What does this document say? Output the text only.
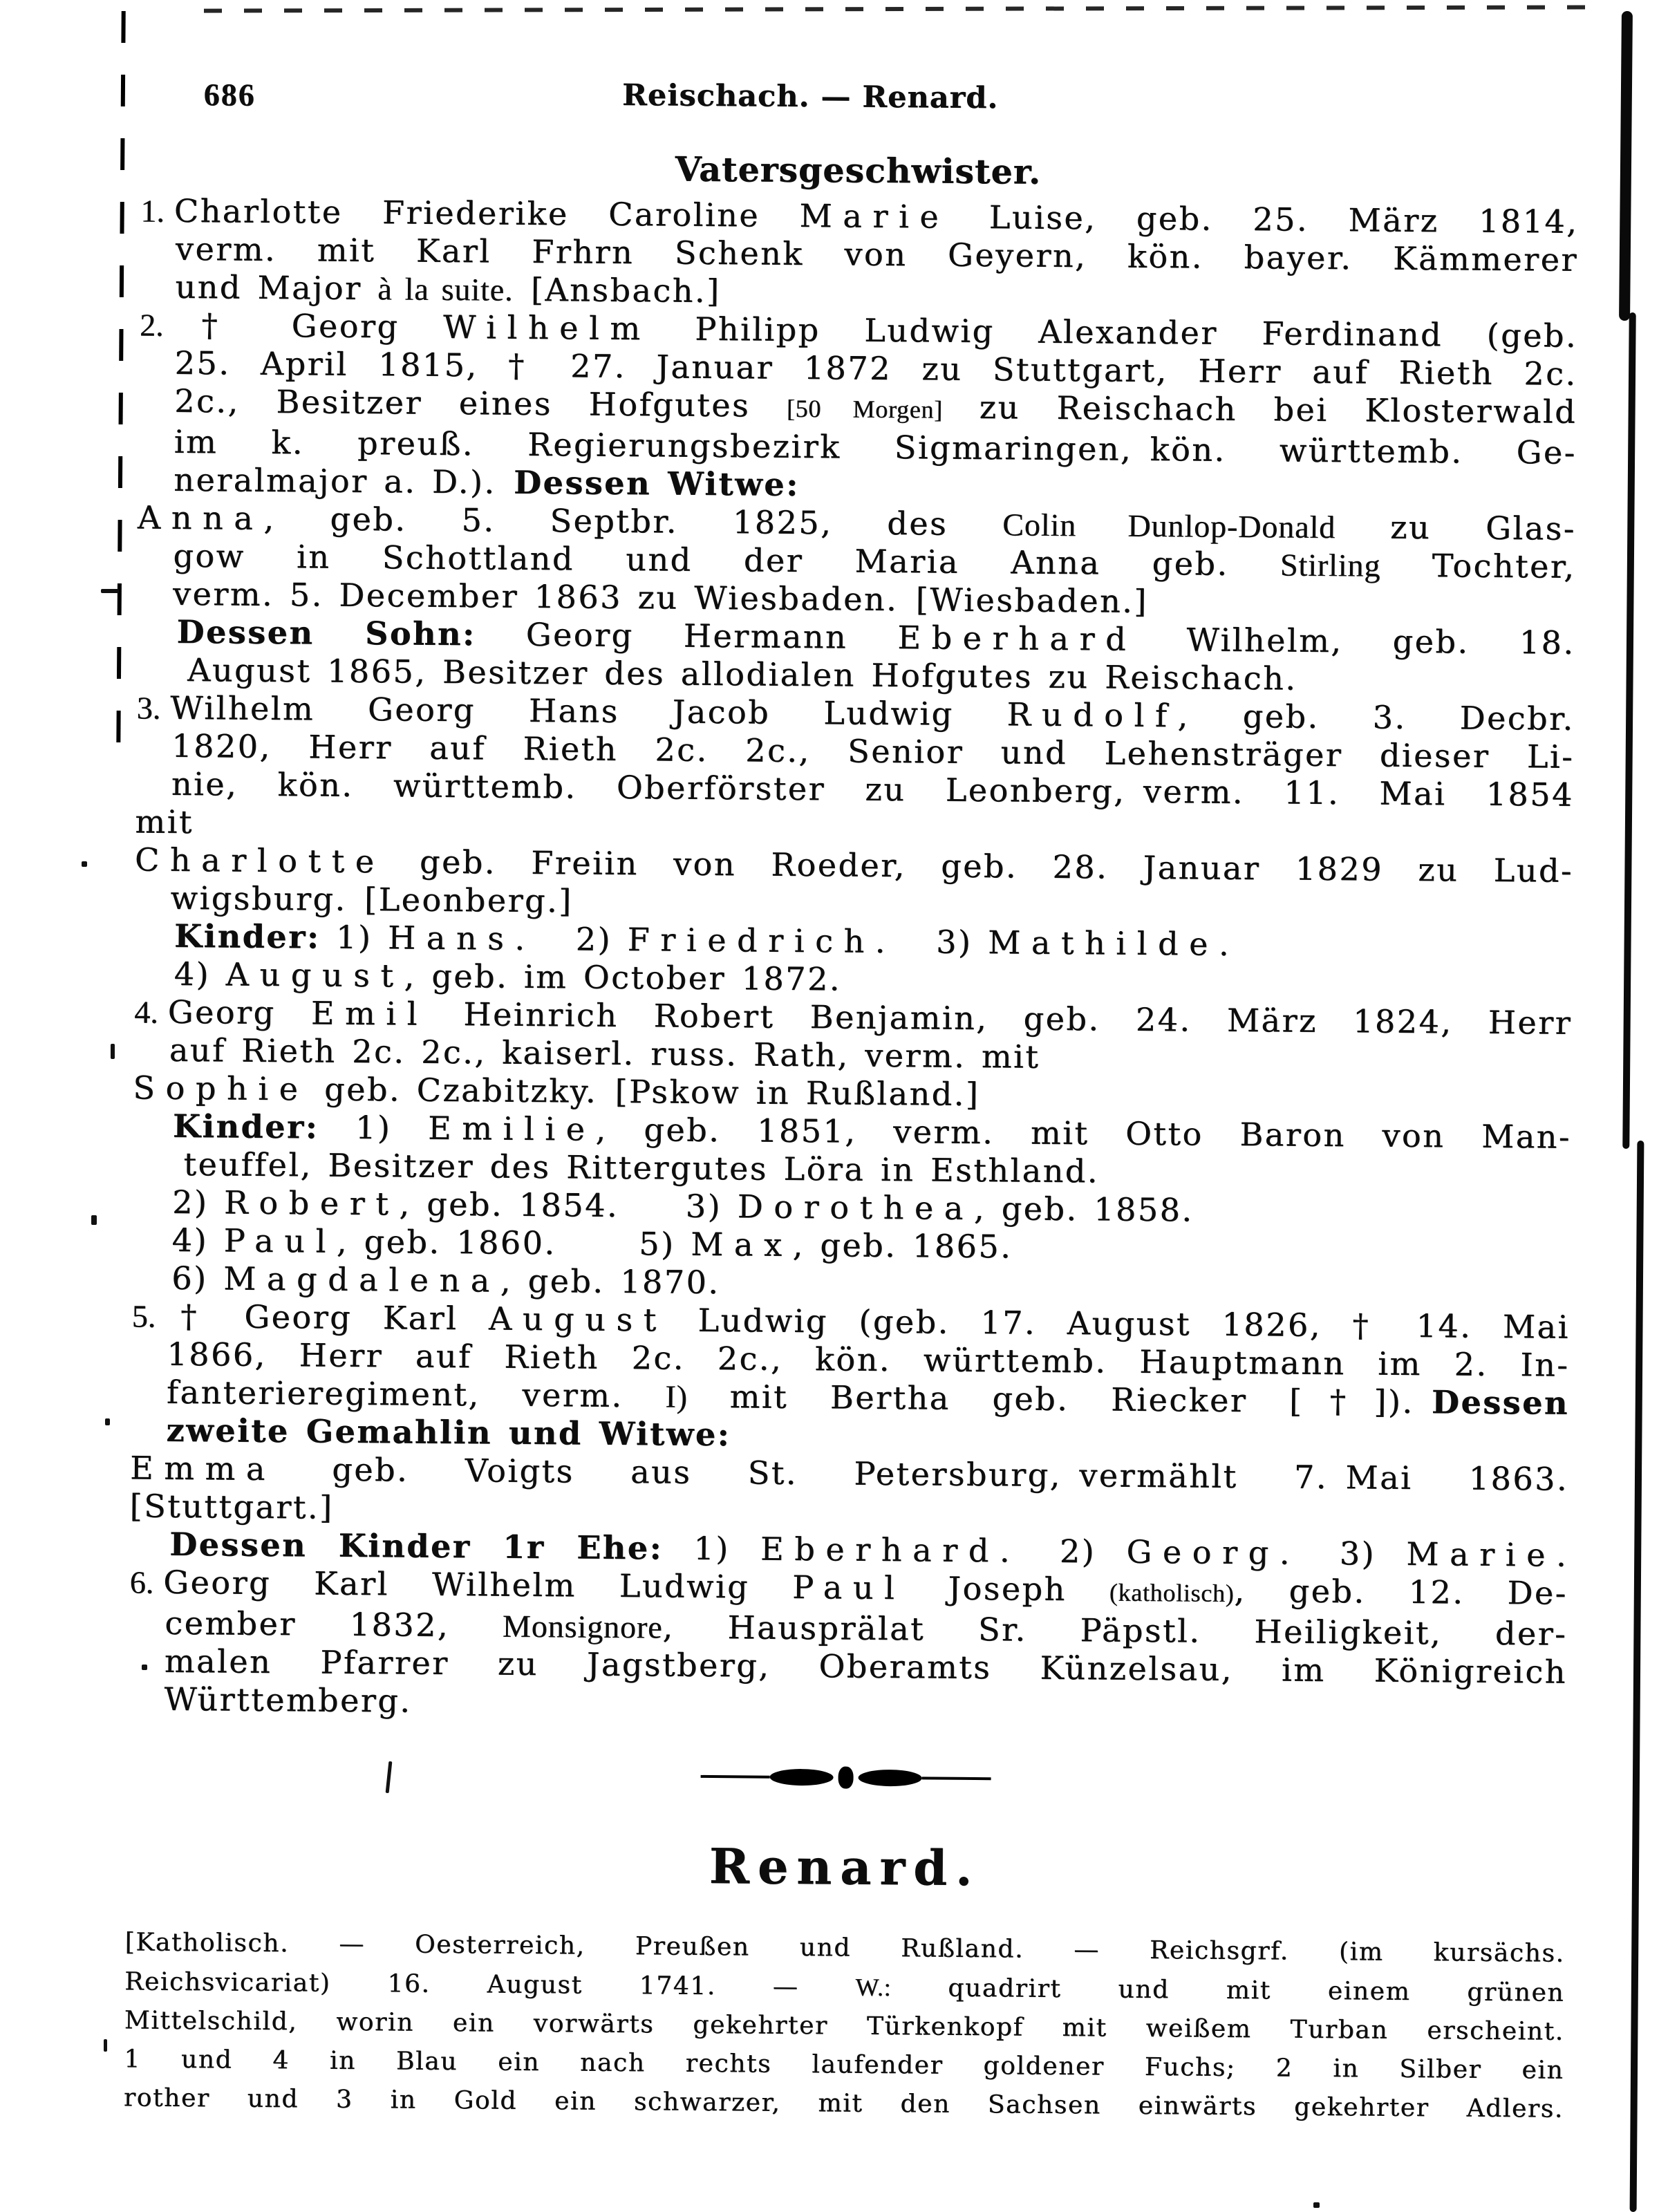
686	Reischach. — Renard.
Vatersgeschwister.
1. Charlotte Friederike Caroline Marie Luise, geb. 25. März 1814,
verm. mit Karl Frhrn Schenk von Geyern, kön. bayer. Kämmerer
und Major à la suite. [Ansbach.]
2. † Georg Wilhelm Philipp Ludwig Alexander Ferdinand (geb.
25. April 1815, † 27. Januar 1872 zu Stuttgart, Herr auf Rieth 2c.
2c., Besitzer eines Hofgutes [50 Morgen] zu Reischach bei Klosterwald
im k. preuß. Regierungsbezirk Sigmaringen, kön. württemb. Ge-
neralmajor a. D.). Dessen Witwe:
Anna, geb. 5. Septbr. 1825, des Colin Dunlop-Donald zu Glas-
gow in Schottland und der Maria Anna geb. Stirling Tochter,
verm. 5. December 1863 zu Wiesbaden. [Wiesbaden.]
Dessen Sohn: Georg Hermann Eberhard Wilhelm, geb. 18.
August 1865, Besitzer des allodialen Hofgutes zu Reischach.
3. Wilhelm Georg Hans Jacob Ludwig Rudolf, geb. 3. Decbr.
1820, Herr auf Rieth 2c. 2c., Senior und Lehensträger dieser Li-
nie, kön. württemb. Oberförster zu Leonberg, verm. 11. Mai 1854
mit
Charlotte geb. Freiin von Roeder, geb. 28. Januar 1829 zu Lud-
wigsburg. [Leonberg.]
Kinder: 1) Hans.  2) Friedrich.  3) Mathilde.
4) August, geb. im October 1872.
4. Georg Emil Heinrich Robert Benjamin, geb. 24. März 1824, Herr
auf Rieth 2c. 2c., kaiserl. russ. Rath, verm. mit
Sophie geb. Czabitzky. [Pskow in Rußland.]
Kinder: 1) Emilie, geb. 1851, verm. mit Otto Baron von Man-
teuffel, Besitzer des Rittergutes Löra in Esthland.
2) Robert, geb. 1854.   3) Dorothea, geb. 1858.
4) Paul, geb. 1860.   5) Max, geb. 1865.
6) Magdalena, geb. 1870.
5. † Georg Karl August Ludwig (geb. 17. August 1826, † 14. Mai
1866, Herr auf Rieth 2c. 2c., kön. württemb. Hauptmann im 2. In-
fanterieregiment, verm. I) mit Bertha geb. Riecker [†]). Dessen
zweite Gemahlin und Witwe:
Emma geb. Voigts aus St. Petersburg, vermählt 7. Mai 1863.
[Stuttgart.]
Dessen Kinder 1r Ehe: 1) Eberhard.  2) Georg.  3) Marie.
6. Georg Karl Wilhelm Ludwig Paul Joseph (katholisch), geb. 12. De-
cember 1832, Monsignore, Hausprälat Sr. Päpstl. Heiligkeit, der-
malen Pfarrer zu Jagstberg, Oberamts Künzelsau, im Königreich
Württemberg.
Renard.
[Katholisch. — Oesterreich, Preußen und Rußland. — Reichsgrf. (im kursächs.
Reichsvicariat) 16. August 1741. — W.: quadrirt und mit einem grünen
Mittelschild, worin ein vorwärts gekehrter Türkenkopf mit weißem Turban erscheint.
1 und 4 in Blau ein nach rechts laufender goldener Fuchs; 2 in Silber ein
rother und 3 in Gold ein schwarzer, mit den Sachsen einwärts gekehrter Adlers.
